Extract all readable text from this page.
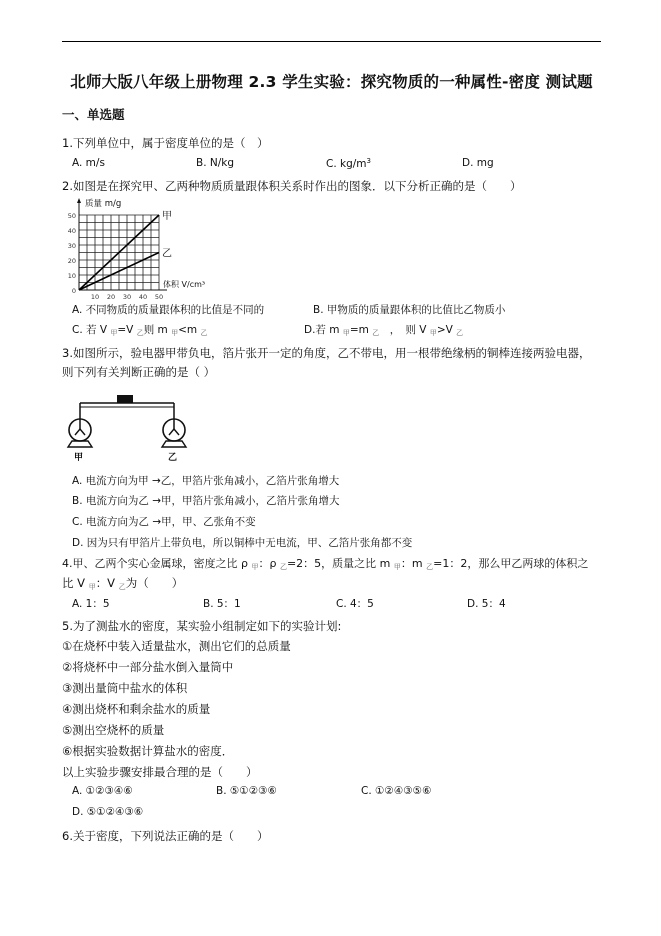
北师大版八年级上册物理 2.3 学生实验：探究物质的一种属性-密度 测试题
一、单选题
1.下列单位中，属于密度单位的是（　）
A. m/s	B. N/kg	C. $kg/m^3$	D. mg
2.如图是在探究甲、乙两种物质质量跟体积关系时作出的图象．以下分析正确的是（　　）
甲
乙
0
10
20
30
40
50
10 20 30 40 50
质量 m/g
体积 V/cm³
A. 不同物质的质量跟体积的比值是不同的	B. 甲物质的质量跟体积的比值比乙物质小
C. 若 V $_甲$=V $_乙$则 m $_甲$<m $_乙$	D.若 m $_甲$=m $_乙$　，　则 V $_甲$>V $_乙$
3.如图所示，验电器甲带负电，箔片张开一定的角度，乙不带电，用一根带绝缘柄的铜棒连接两验电器，
则下列有关判断正确的是（ ）
甲	乙
A. 电流方向为甲 →乙，甲箔片张角减小，乙箔片张角增大
B. 电流方向为乙 →甲，甲箔片张角减小，乙箔片张角增大
C. 电流方向为乙 →甲，甲、乙张角不变
D. 因为只有甲箔片上带负电，所以铜棒中无电流，甲、乙箔片张角都不变
4.甲、乙两个实心金属球，密度之比 ρ $_甲$：ρ $_乙$=2：5，质量之比 m $_甲$：m $_乙$=1：2，那么甲乙两球的体积之
比 V $_甲$：V $_乙$为（　　）
A. 1：5	B. 5：1	C. 4：5	D. 5：4
5.为了测盐水的密度，某实验小组制定如下的实验计划:
①在烧杯中装入适量盐水，测出它们的总质量
②将烧杯中一部分盐水倒入量筒中
③测出量筒中盐水的体积
④测出烧杯和剩余盐水的质量
⑤测出空烧杯的质量
⑥根据实验数据计算盐水的密度．
以上实验步骤安排最合理的是（　　）
A. ①②③④⑥	B. ⑤①②③⑥	C. ①②④③⑤⑥
D. ⑤①②④③⑥
6.关于密度，下列说法正确的是（　　）
